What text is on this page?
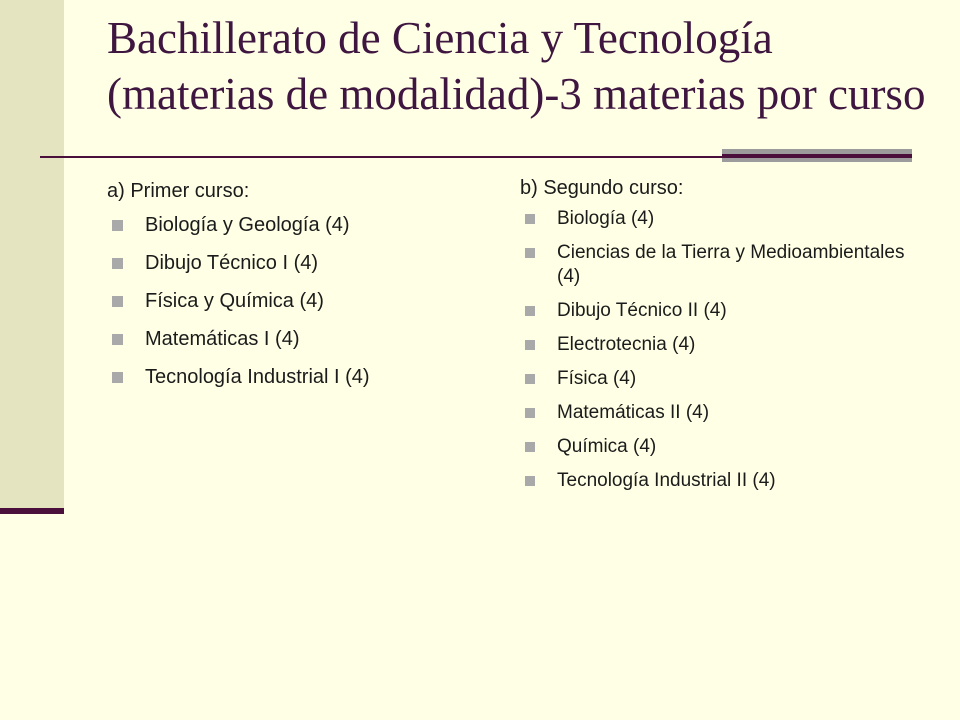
Bachillerato de Ciencia y Tecnología (materias de modalidad)-3 materias por curso

a) Primer curso:

Biología y Geología (4)
Dibujo Técnico I (4)
Física y Química (4)
Matemáticas I (4)
Tecnología Industrial I (4)

b) Segundo curso:

Biología (4)
Ciencias de la Tierra y Medioambientales (4)
Dibujo Técnico II (4)
Electrotecnia (4)
Física (4)
Matemáticas II (4)
Química (4)
Tecnología Industrial II (4)
